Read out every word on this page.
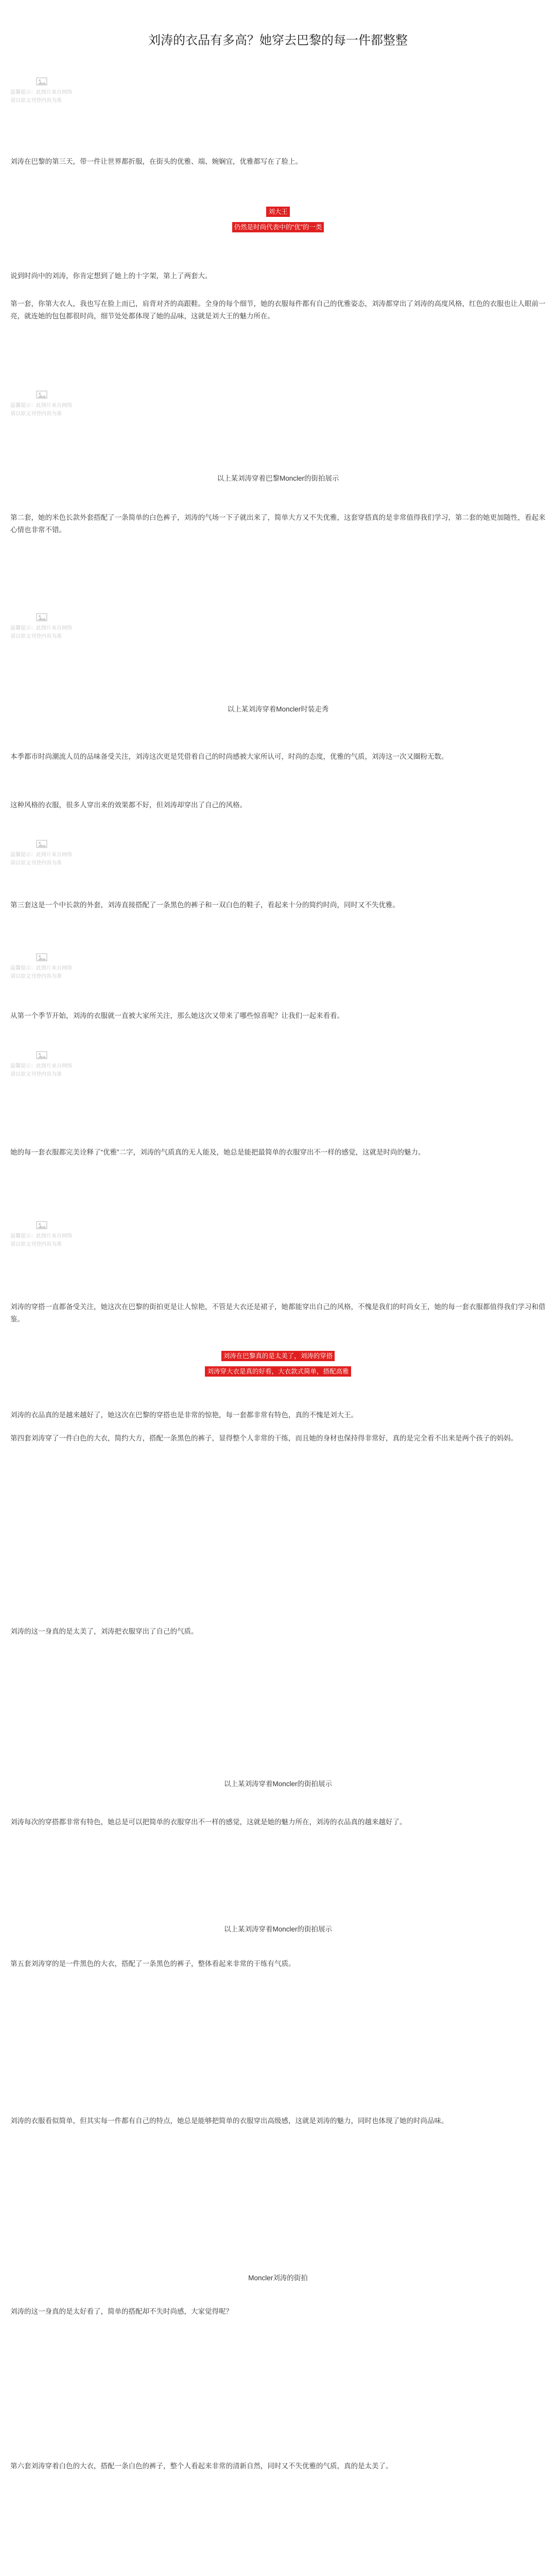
刘涛的衣品有多高？她穿去巴黎的每一件都整整
温馨提示：此图片来自网络
请以原文刊登内容为准
刘涛在巴黎的第三天，带一件让世界都折服，在街头的优雅、端、婉娴宜，优雅都写在了脸上。
刘大王
仍然是时尚代表中的“优”的一类
说到时尚中的刘涛，你肯定想到了她上的十字架，第上了两套大。
第一套，你第大衣人，我也写在脸上而已，肩背对齐的高跟鞋。全身的每个细节，她的衣服每件都有自己的优雅姿态，刘涛都穿出了刘涛的高度风格，红色的衣服也让人眼前一亮，就连她的包包都很时尚，细节处处都体现了她的品味，这就是刘大王的魅力所在。
温馨提示：此图片来自网络
请以原文刊登内容为准
以上某刘涛穿着巴黎Moncler的街拍展示
第二套，她的米色长款外套搭配了一条简单的白色裤子，刘涛的气场一下子就出来了，简单大方又不失优雅，这套穿搭真的是非常值得我们学习，第二套的她更加随性，看起来心情也非常不错。
温馨提示：此图片来自网络
请以原文刊登内容为准
以上某刘涛穿着Moncler时装走秀
本季都市时尚潮流人员的品味备受关注，刘涛这次更是凭借着自己的时尚感被大家所认可，时尚的态度，优雅的气质，刘涛这一次又圈粉无数。
这种风格的衣服，很多人穿出来的效果都不好，但刘涛却穿出了自己的风格。
温馨提示：此图片来自网络
请以原文刊登内容为准
第三套这是一个中长款的外套，刘涛直接搭配了一条黑色的裤子和一双白色的鞋子，看起来十分的简约时尚，同时又不失优雅。
温馨提示：此图片来自网络
请以原文刊登内容为准
从第一个季节开始，刘涛的衣服就一直被大家所关注，那么她这次又带来了哪些惊喜呢？让我们一起来看看。
温馨提示：此图片来自网络
请以原文刊登内容为准
她的每一套衣服都完美诠释了“优雅”二字，刘涛的气质真的无人能及，她总是能把最简单的衣服穿出不一样的感觉，这就是时尚的魅力。
温馨提示：此图片来自网络
请以原文刊登内容为准
刘涛的穿搭一直都备受关注，她这次在巴黎的街拍更是让人惊艳，不管是大衣还是裙子，她都能穿出自己的风格，不愧是我们的时尚女王，她的每一套衣服都值得我们学习和借鉴。
刘涛在巴黎真的是太美了，刘涛的穿搭
刘涛穿大衣是真的好看，大衣款式简单，搭配高雅
刘涛的衣品真的是越来越好了，她这次在巴黎的穿搭也是非常的惊艳，每一套都非常有特色，真的不愧是刘大王。
第四套刘涛穿了一件白色的大衣，简约大方，搭配一条黑色的裤子，显得整个人非常的干练，而且她的身材也保持得非常好，真的是完全看不出来是两个孩子的妈妈。
刘涛的这一身真的是太美了，刘涛把衣服穿出了自己的气质。
以上某刘涛穿着Moncler的街拍展示
刘涛每次的穿搭都非常有特色，她总是可以把简单的衣服穿出不一样的感觉，这就是她的魅力所在，刘涛的衣品真的越来越好了。
以上某刘涛穿着Moncler的街拍展示
第五套刘涛穿的是一件黑色的大衣，搭配了一条黑色的裤子，整体看起来非常的干练有气质。
刘涛的衣服看似简单，但其实每一件都有自己的特点，她总是能够把简单的衣服穿出高级感，这就是刘涛的魅力，同时也体现了她的时尚品味。
Moncler刘涛的街拍
刘涛的这一身真的是太好看了，简单的搭配却不失时尚感，大家觉得呢？
第六套刘涛穿着白色的大衣，搭配一条白色的裤子，整个人看起来非常的清新自然，同时又不失优雅的气质，真的是太美了。
